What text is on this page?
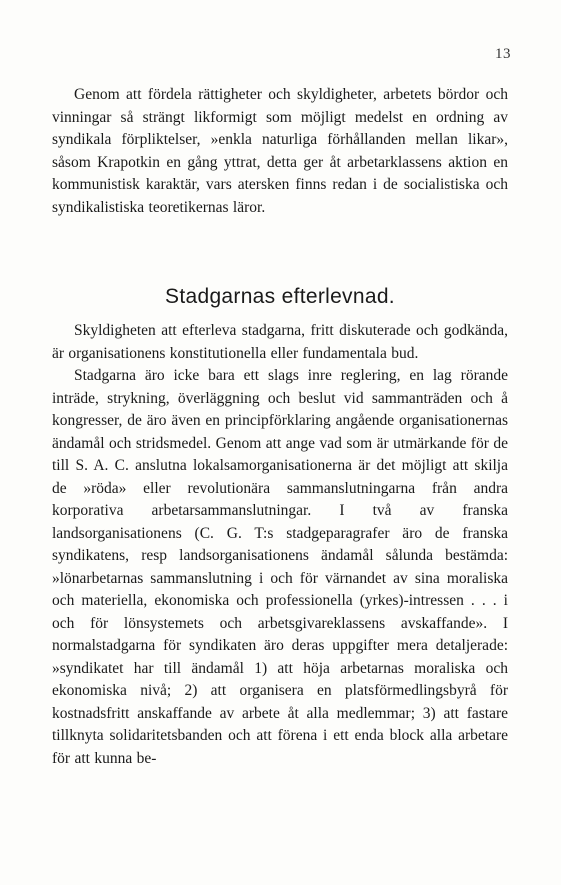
13

Genom att fördela rättigheter och skyldigheter, arbetets bördor och vinningar så strängt likformigt som möjligt medelst en ordning av syndikala förpliktelser, »enkla naturliga förhållanden mellan likar», såsom Krapotkin en gång yttrat, detta ger åt arbetarklassens aktion en kommunistisk karaktär, vars atersken finns redan i de socialistiska och syndikalistiska teoretikernas läror.

Stadgarnas efterlevnad.

Skyldigheten att efterleva stadgarna, fritt diskuterade och godkända, är organisationens konstitutionella eller fundamentala bud.

Stadgarna äro icke bara ett slags inre reglering, en lag rörande inträde, strykning, överläggning och beslut vid sammanträden och å kongresser, de äro även en principförklaring angående organisationernas ändamål och stridsmedel. Genom att ange vad som är utmärkande för de till S. A. C. anslutna lokalsamorganisationerna är det möjligt att skilja de »röda» eller revolutionära sammanslutningarna från andra korporativa arbetarsammanslutningar. I två av franska landsorganisationens (C. G. T:s stadgeparagrafer äro de franska syndikatens, resp landsorganisationens ändamål sålunda bestämda: »lönarbetarnas sammanslutning i och för värnandet av sina moraliska och materiella, ekonomiska och professionella (yrkes)-intressen . . . i och för lönsystemets och arbetsgivareklassens avskaffande». I normalstadgarna för syndikaten äro deras uppgifter mera detaljerade: »syndikatet har till ändamål 1) att höja arbetarnas moraliska och ekonomiska nivå; 2) att organisera en platsförmedlingsbyrå för kostnadsfritt anskaffande av arbete åt alla medlemmar; 3) att fastare tillknyta solidaritetsbanden och att förena i ett enda block alla arbetare för att kunna be-
